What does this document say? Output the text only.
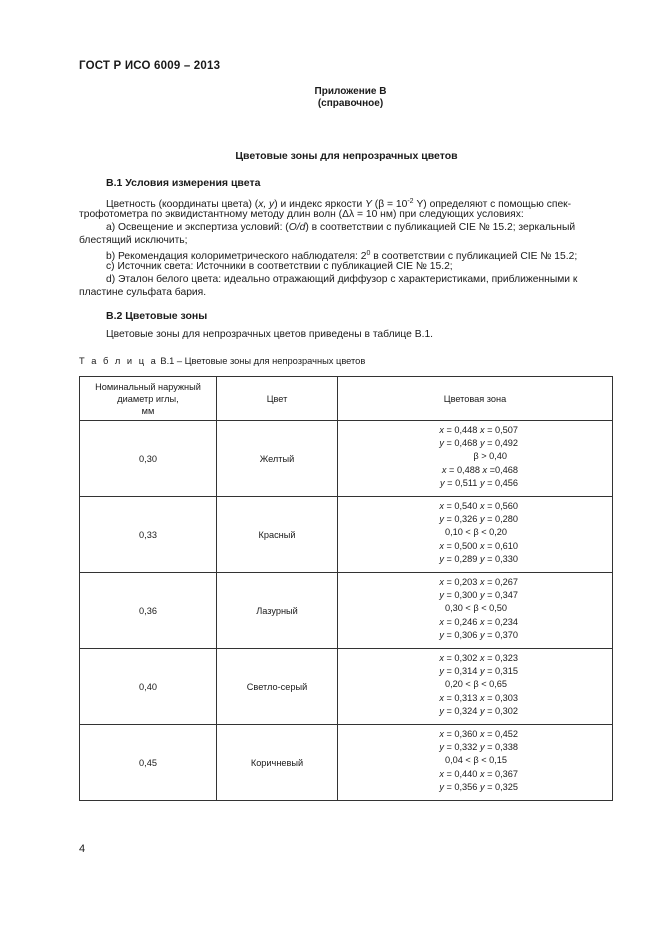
ГОСТ Р ИСО 6009 – 2013
Приложение В
(справочное)
Цветовые зоны для непрозрачных цветов
В.1 Условия измерения цвета
Цветность (координаты цвета) (x, y) и индекс яркости Y ($\beta = 10^{-2}$ Y) определяют с помощью спек-
трофотометра по эквидистантному методу длин волн (Δλ = 10 нм) при следующих условиях:
а) Освещение и экспертиза условий: (O/d) в соответствии с публикацией CIE № 15.2; зеркальный
блестящий исключить;
b) Рекомендация колориметрического наблюдателя: $2^0$ в соответствии с публикацией CIE № 15.2;
с) Источник света: Источники в соответствии с публикацией CIE № 15.2;
d) Эталон белого цвета: идеально отражающий диффузор с характеристиками, приближенными к
пластине сульфата бария.
В.2 Цветовые зоны
Цветовые зоны для непрозрачных цветов приведены в таблице В.1.
Т а б л и ц а В.1 – Цветовые зоны для непрозрачных цветов
Номинальный наружный
диаметр иглы,
мм	Цвет	Цветовая зона
0,30	Желтый	x = 0,448 x = 0,507
y = 0,468 y = 0,492
β > 0,40
x = 0,488 x =0,468
y = 0,511 y = 0,456

0,33	Красный	x = 0,540 x = 0,560
y = 0,326 y = 0,280
0,10 < β < 0,20
x = 0,500 x = 0,610
y = 0,289 y = 0,330

0,36	Лазурный	x = 0,203 x = 0,267
y = 0,300 y = 0,347
0,30 < β < 0,50
x = 0,246 x = 0,234
y = 0,306 y = 0,370

0,40	Светло-серый	x = 0,302 x = 0,323
y = 0,314 y = 0,315
0,20 < β < 0,65
x = 0,313 x = 0,303
y = 0,324 y = 0,302

0,45	Коричневый	x = 0,360 x = 0,452
y = 0,332 y = 0,338
0,04 < β < 0,15
x = 0,440 x = 0,367
y = 0,356 y = 0,325
4
